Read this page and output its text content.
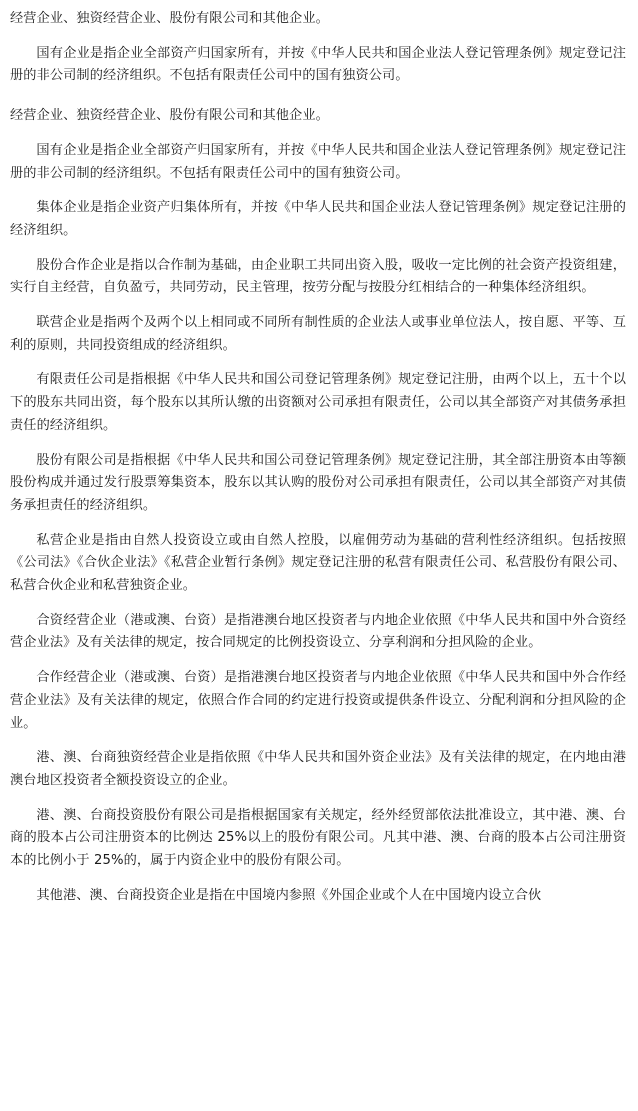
经营企业、独资经营企业、股份有限公司和其他企业。

国有企业是指企业全部资产归国家所有，并按《中华人民共和国企业法人登记管理条例》规定登记注册的非公司制的经济组织。不包括有限责任公司中的国有独资公司。

经营企业、独资经营企业、股份有限公司和其他企业。

国有企业是指企业全部资产归国家所有，并按《中华人民共和国企业法人登记管理条例》规定登记注册的非公司制的经济组织。不包括有限责任公司中的国有独资公司。

集体企业是指企业资产归集体所有，并按《中华人民共和国企业法人登记管理条例》规定登记注册的经济组织。

股份合作企业是指以合作制为基础，由企业职工共同出资入股，吸收一定比例的社会资产投资组建，实行自主经营，自负盈亏，共同劳动，民主管理，按劳分配与按股分红相结合的一种集体经济组织。

联营企业是指两个及两个以上相同或不同所有制性质的企业法人或事业单位法人，按自愿、平等、互利的原则，共同投资组成的经济组织。

有限责任公司是指根据《中华人民共和国公司登记管理条例》规定登记注册，由两个以上，五十个以下的股东共同出资，每个股东以其所认缴的出资额对公司承担有限责任，公司以其全部资产对其债务承担责任的经济组织。

股份有限公司是指根据《中华人民共和国公司登记管理条例》规定登记注册，其全部注册资本由等额股份构成并通过发行股票筹集资本，股东以其认购的股份对公司承担有限责任，公司以其全部资产对其债务承担责任的经济组织。

私营企业是指由自然人投资设立或由自然人控股，以雇佣劳动为基础的营利性经济组织。包括按照《公司法》《合伙企业法》《私营企业暂行条例》规定登记注册的私营有限责任公司、私营股份有限公司、私营合伙企业和私营独资企业。

合资经营企业（港或澳、台资）是指港澳台地区投资者与内地企业依照《中华人民共和国中外合资经营企业法》及有关法律的规定，按合同规定的比例投资设立、分享利润和分担风险的企业。

合作经营企业（港或澳、台资）是指港澳台地区投资者与内地企业依照《中华人民共和国中外合作经营企业法》及有关法律的规定，依照合作合同的约定进行投资或提供条件设立、分配利润和分担风险的企业。

港、澳、台商独资经营企业是指依照《中华人民共和国外资企业法》及有关法律的规定，在内地由港澳台地区投资者全额投资设立的企业。

港、澳、台商投资股份有限公司是指根据国家有关规定，经外经贸部依法批准设立，其中港、澳、台商的股本占公司注册资本的比例达 25%以上的股份有限公司。凡其中港、澳、台商的股本占公司注册资本的比例小于 25%的，属于内资企业中的股份有限公司。

其他港、澳、台商投资企业是指在中国境内参照《外国企业或个人在中国境内设立合伙
